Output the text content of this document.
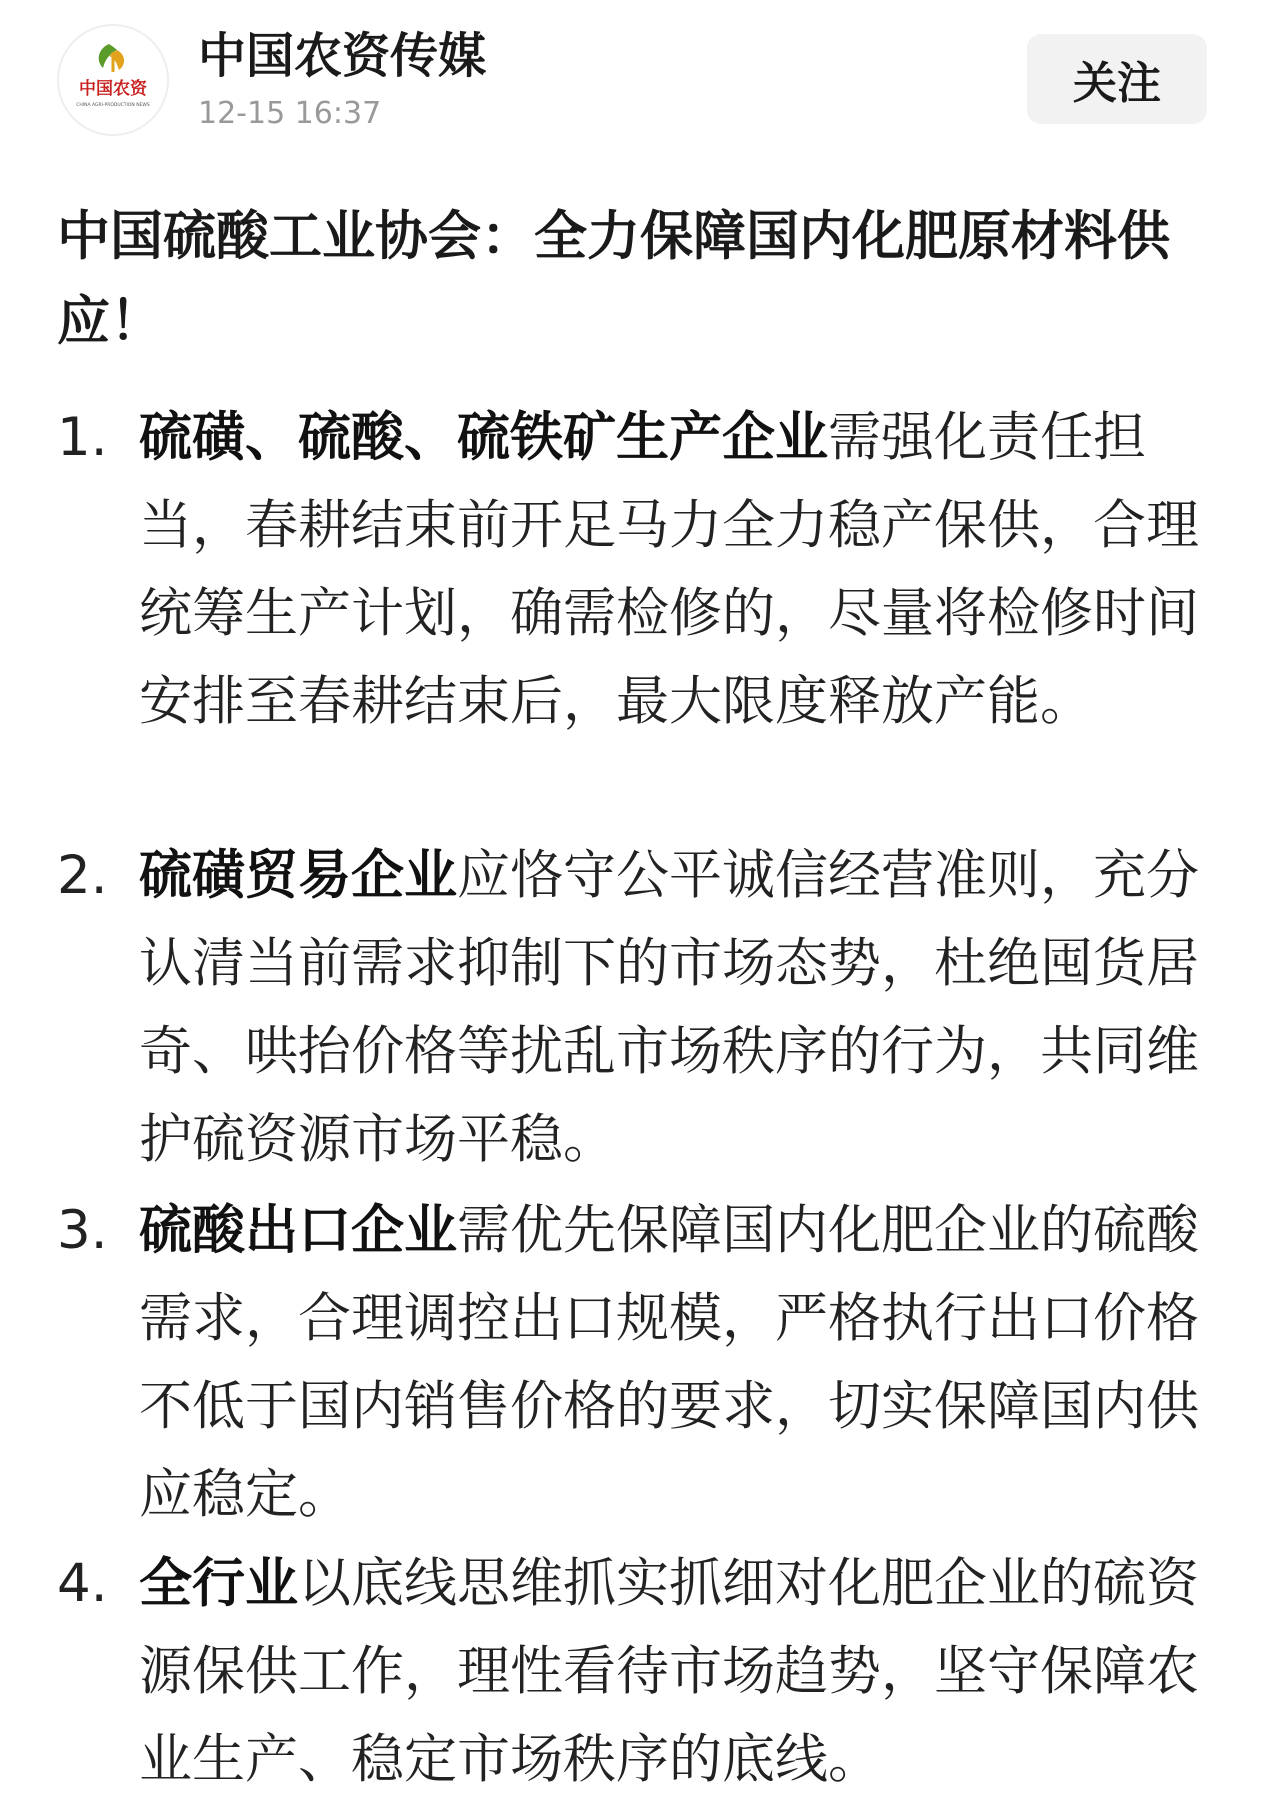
中国农资
CHINA AGRI-PRODUCTION NEWS
中国农资传媒
12-15 16:37
关注
中国硫酸工业协会：全力保障国内化肥原材料供应！
1. 硫磺、硫酸、硫铁矿生产企业需强化责任担当，春耕结束前开足马力全力稳产保供，合理统筹生产计划，确需检修的，尽量将检修时间安排至春耕结束后，最大限度释放产能。
2. 硫磺贸易企业应恪守公平诚信经营准则，充分认清当前需求抑制下的市场态势，杜绝囤货居奇、哄抬价格等扰乱市场秩序的行为，共同维护硫资源市场平稳。
3. 硫酸出口企业需优先保障国内化肥企业的硫酸需求，合理调控出口规模，严格执行出口价格不低于国内销售价格的要求，切实保障国内供应稳定。
4. 全行业以底线思维抓实抓细对化肥企业的硫资源保供工作，理性看待市场趋势，坚守保障农业生产、稳定市场秩序的底线。
